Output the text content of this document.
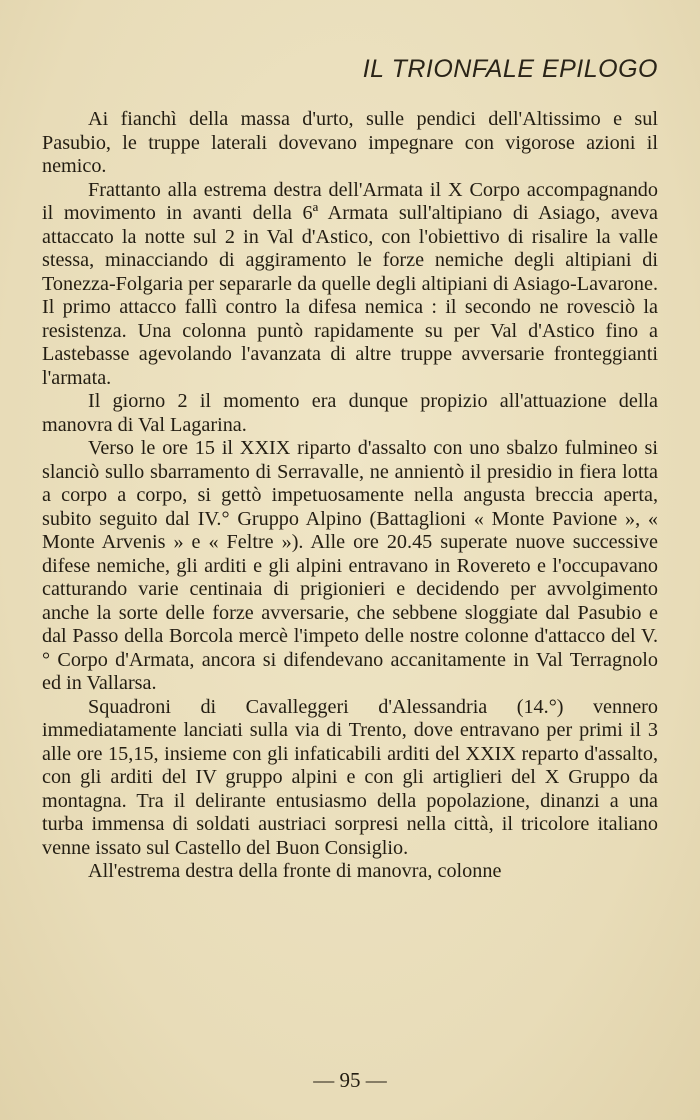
IL TRIONFALE EPILOGO

Ai fianchì della massa d'urto, sulle pendici dell'Altissimo e sul Pasubio, le truppe laterali dovevano impegnare con vigorose azioni il nemico.

Frattanto alla estrema destra dell'Armata il X Corpo accompagnando il movimento in avanti della 6ª Armata sull'altipiano di Asiago, aveva attaccato la notte sul 2 in Val d'Astico, con l'obiettivo di risalire la valle stessa, minacciando di aggiramento le forze nemiche degli altipiani di Tonezza-Folgaria per separarle da quelle degli altipiani di Asiago-Lavarone. Il primo attacco fallì contro la difesa nemica : il secondo ne rovesciò la resistenza. Una colonna puntò rapidamente su per Val d'Astico fino a Lastebasse agevolando l'avanzata di altre truppe avversarie fronteggianti l'armata.

Il giorno 2 il momento era dunque propizio all'attuazione della manovra di Val Lagarina.

Verso le ore 15 il XXIX riparto d'assalto con uno sbalzo fulmineo si slanciò sullo sbarramento di Serravalle, ne annientò il presidio in fiera lotta a corpo a corpo, si gettò impetuosamente nella angusta breccia aperta, subito seguito dal IV.° Gruppo Alpino (Battaglioni « Monte Pavione », « Monte Arvenis » e « Feltre »). Alle ore 20.45 superate nuove successive difese nemiche, gli arditi e gli alpini entravano in Rovereto e l'occupavano catturando varie centinaia di prigionieri e decidendo per avvolgimento anche la sorte delle forze avversarie, che sebbene sloggiate dal Pasubio e dal Passo della Borcola mercè l'impeto delle nostre colonne d'attacco del V.° Corpo d'Armata, ancora si difendevano accanitamente in Val Terragnolo ed in Vallarsa.

Squadroni di Cavalleggeri d'Alessandria (14.°) vennero immediatamente lanciati sulla via di Trento, dove entravano per primi il 3 alle ore 15,15, insieme con gli infaticabili arditi del XXIX reparto d'assalto, con gli arditi del IV gruppo alpini e con gli artiglieri del X Gruppo da montagna. Tra il delirante entusiasmo della popolazione, dinanzi a una turba immensa di soldati austriaci sorpresi nella città, il tricolore italiano venne issato sul Castello del Buon Consiglio.

All'estrema destra della fronte di manovra, colonne

— 95 —
